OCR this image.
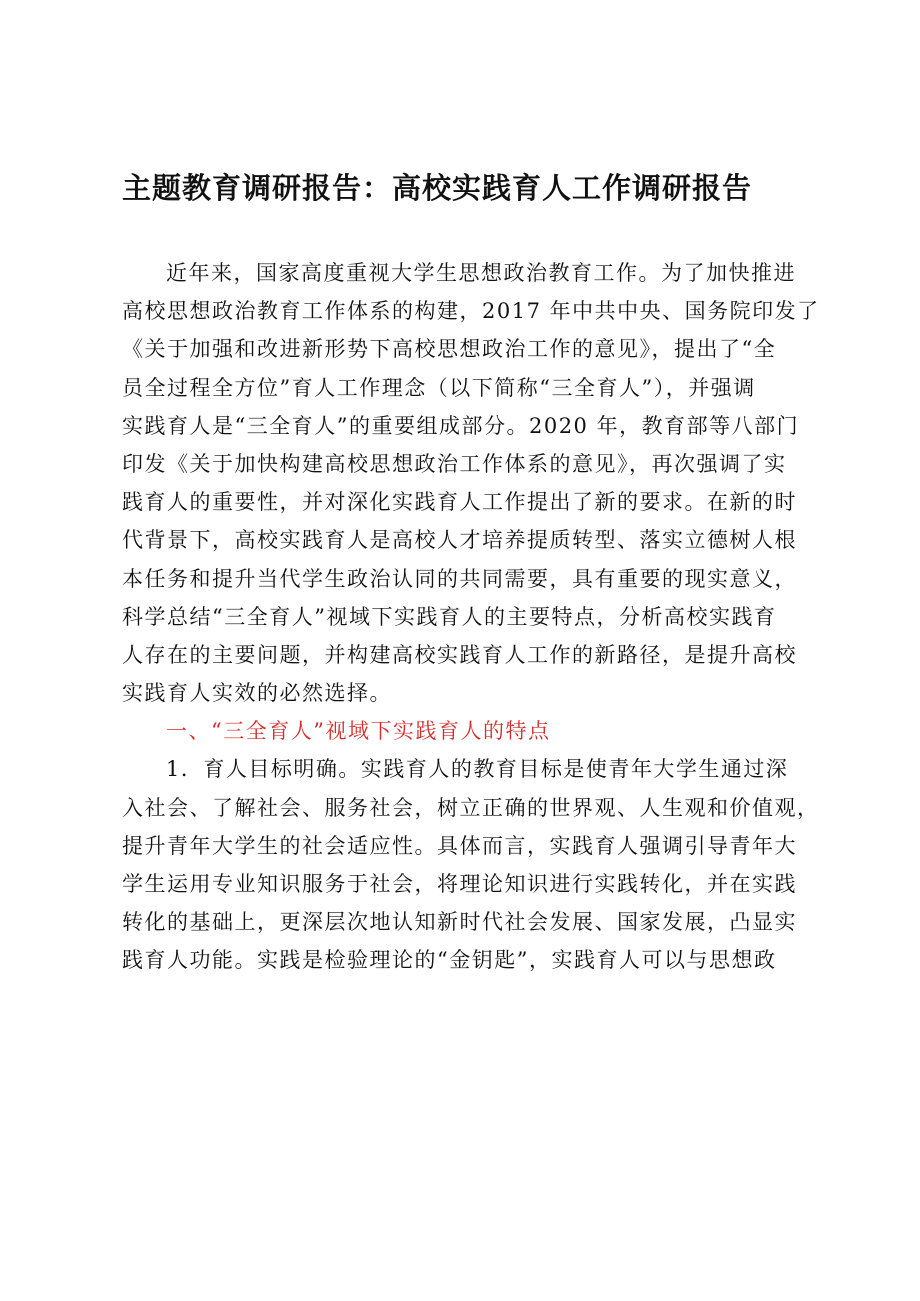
主题教育调研报告：高校实践育人工作调研报告
近年来，国家高度重视大学生思想政治教育工作。为了加快推进
高校思想政治教育工作体系的构建，2017 年中共中央、国务院印发了
《关于加强和改进新形势下高校思想政治工作的意见》，提出了“全
员全过程全方位”育人工作理念（以下简称“三全育人”），并强调
实践育人是“三全育人”的重要组成部分。2020 年，教育部等八部门
印发《关于加快构建高校思想政治工作体系的意见》，再次强调了实
践育人的重要性，并对深化实践育人工作提出了新的要求。在新的时
代背景下，高校实践育人是高校人才培养提质转型、落实立德树人根
本任务和提升当代学生政治认同的共同需要，具有重要的现实意义，
科学总结“三全育人”视域下实践育人的主要特点，分析高校实践育
人存在的主要问题，并构建高校实践育人工作的新路径，是提升高校
实践育人实效的必然选择。
一、“三全育人”视域下实践育人的特点
1．育人目标明确。实践育人的教育目标是使青年大学生通过深
入社会、了解社会、服务社会，树立正确的世界观、人生观和价值观，
提升青年大学生的社会适应性。具体而言，实践育人强调引导青年大
学生运用专业知识服务于社会，将理论知识进行实践转化，并在实践
转化的基础上，更深层次地认知新时代社会发展、国家发展，凸显实
践育人功能。实践是检验理论的“金钥匙”，实践育人可以与思想政
